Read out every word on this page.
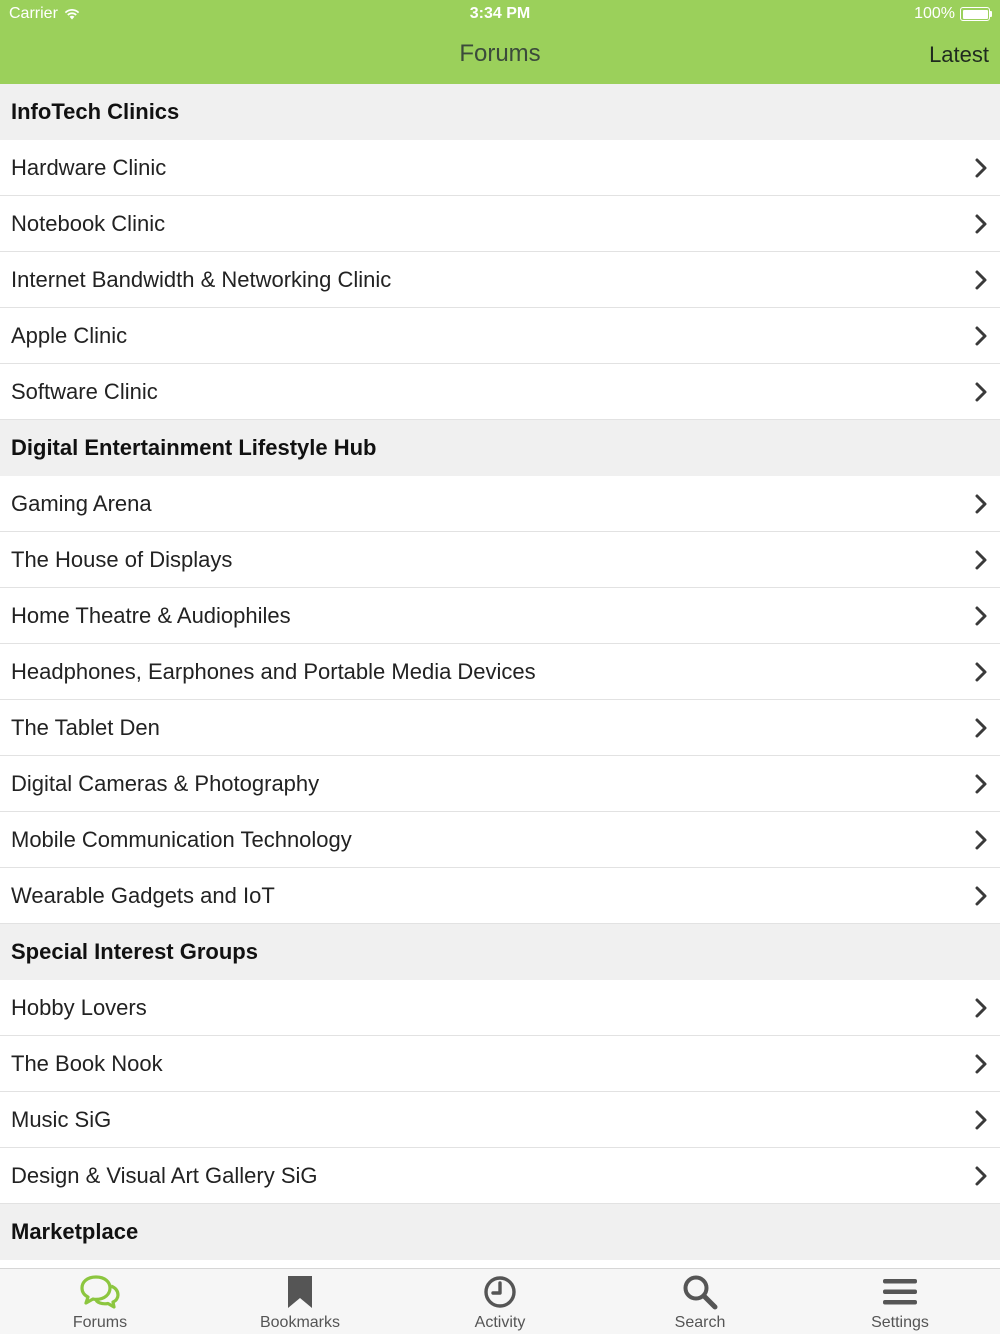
Carrier	3:34 PM	100%
Forums	Latest
InfoTech Clinics
Hardware Clinic
Notebook Clinic
Internet Bandwidth & Networking Clinic
Apple Clinic
Software Clinic
Digital Entertainment Lifestyle Hub
Gaming Arena
The House of Displays
Home Theatre & Audiophiles
Headphones, Earphones and Portable Media Devices
The Tablet Den
Digital Cameras & Photography
Mobile Communication Technology
Wearable Gadgets and IoT
Special Interest Groups
Hobby Lovers
The Book Nook
Music SiG
Design & Visual Art Gallery SiG
Marketplace
Forums	Bookmarks	Activity	Search	Settings
